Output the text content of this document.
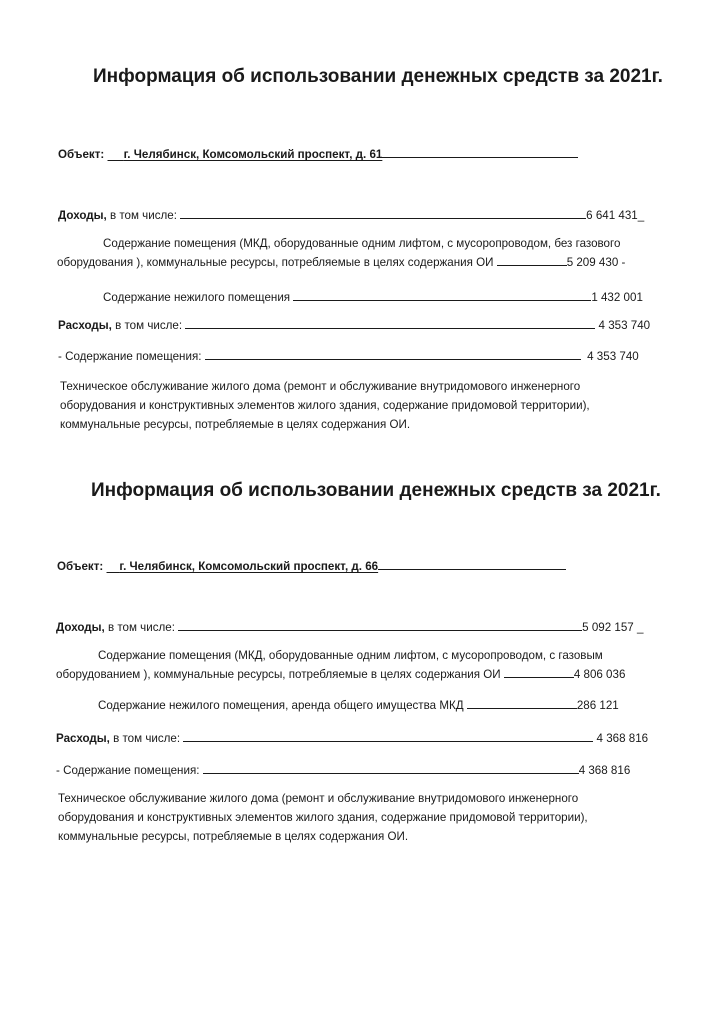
Информация об использовании денежных средств за 2021г.
Объект: г. Челябинск, Комсомольский проспект, д. 61
Доходы, в том числе:	6 641 431_
Содержание помещения (МКД, оборудованные одним лифтом, с мусоропроводом, без газового
оборудования ), коммунальные ресурсы, потребляемые в целях содержания ОИ	5 209 430 -
Содержание нежилого помещения	1 432 001
Расходы, в том числе:	4 353 740
- Содержание помещения:	4 353 740
Техническое обслуживание жилого дома (ремонт и обслуживание внутридомового инженерного
оборудования и конструктивных элементов жилого здания, содержание придомовой территории),
коммунальные ресурсы, потребляемые в целях содержания ОИ.
Информация об использовании денежных средств за 2021г.
Объект: г. Челябинск, Комсомольский проспект, д. 66
Доходы, в том числе:	5 092 157 _
Содержание помещения (МКД, оборудованные одним лифтом, с мусоропроводом, с газовым
оборудованием ), коммунальные ресурсы, потребляемые в целях содержания ОИ	4 806 036
Содержание нежилого помещения, аренда общего имущества МКД	286 121
Расходы, в том числе:	4 368 816
- Содержание помещения:	4 368 816
Техническое обслуживание жилого дома (ремонт и обслуживание внутридомового инженерного
оборудования и конструктивных элементов жилого здания, содержание придомовой территории),
коммунальные ресурсы, потребляемые в целях содержания ОИ.
